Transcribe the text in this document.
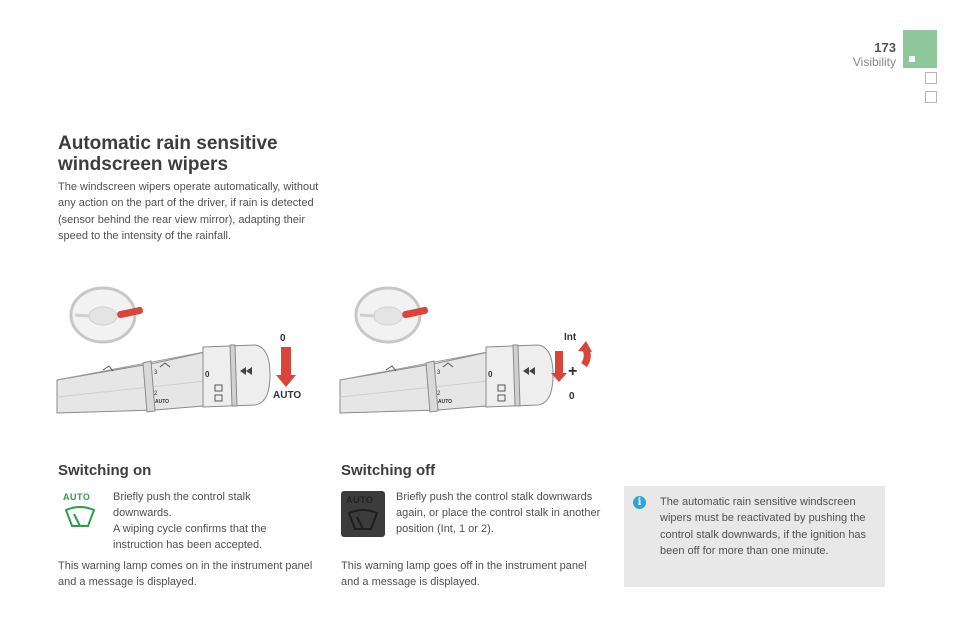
173
Visibility
Automatic rain sensitive windscreen wipers
The windscreen wipers operate automatically, without any action on the part of the driver, if rain is detected (sensor behind the rear view mirror), adapting their speed to the intensity of the rainfall.
3
2
AUTO
0
0
AUTO
3
2
AUTO
0
Int
+
0
Switching on
AUTO Briefly push the control stalk downwards.
A wiping cycle confirms that the instruction has been accepted.
This warning lamp comes on in the instrument panel and a message is displayed.
Switching off
AUTO Briefly push the control stalk downwards again, or place the control stalk in another position (Int, 1 or 2).
This warning lamp goes off in the instrument panel and a message is displayed.
i	The automatic rain sensitive windscreen wipers must be reactivated by pushing the control stalk downwards, if the ignition has been off for more than one minute.
